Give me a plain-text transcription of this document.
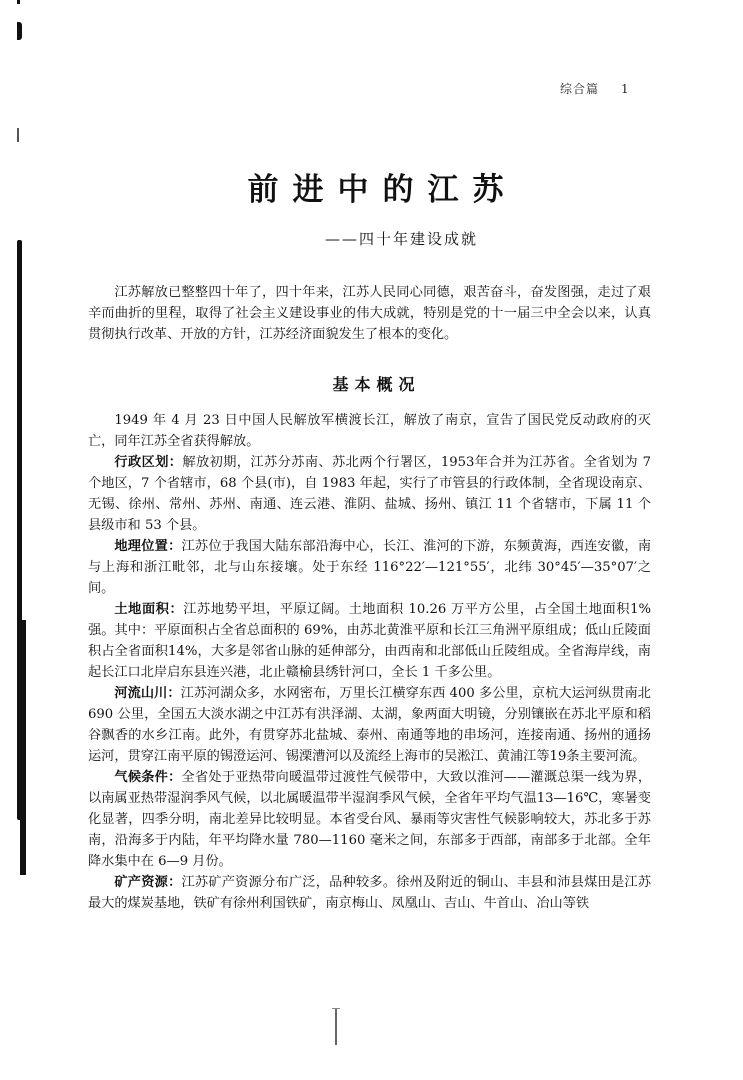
综合篇 1
前进中的江苏
——四十年建设成就

江苏解放已整整四十年了，四十年来，江苏人民同心同德，艰苦奋斗，奋发图强，走过了艰辛而曲折的里程，取得了社会主义建设事业的伟大成就，特别是党的十一届三中全会以来，认真贯彻执行改革、开放的方针，江苏经济面貌发生了根本的变化。

基本概况

1949 年 4 月 23 日中国人民解放军横渡长江，解放了南京，宣告了国民党反动政府的灭亡，同年江苏全省获得解放。

行政区划：解放初期，江苏分苏南、苏北两个行署区，1953年合并为江苏省。全省划为 7 个地区，7 个省辖市，68 个县(市)，自 1983 年起，实行了市管县的行政体制，全省现设南京、无锡、徐州、常州、苏州、南通、连云港、淮阴、盐城、扬州、镇江 11 个省辖市，下属 11 个县级市和 53 个县。

地理位置：江苏位于我国大陆东部沿海中心，长江、淮河的下游，东频黄海，西连安徽，南与上海和浙江毗邻，北与山东接壤。处于东经 116°22′—121°55′，北纬 30°45′—35°07′之间。

土地面积：江苏地势平坦，平原辽阔。土地面积 10.26 万平方公里，占全国土地面积1%强。其中：平原面积占全省总面积的 69%，由苏北黄淮平原和长江三角洲平原组成；低山丘陵面积占全省面积14%，大多是邻省山脉的延伸部分，由西南和北部低山丘陵组成。全省海岸线，南起长江口北岸启东县连兴港，北止赣榆县绣针河口，全长 1 千多公里。

河流山川：江苏河湖众多，水网密布，万里长江横穿东西 400 多公里，京杭大运河纵贯南北 690 公里，全国五大淡水湖之中江苏有洪泽湖、太湖，象两面大明镜，分别镶嵌在苏北平原和稻谷飘香的水乡江南。此外，有贯穿苏北盐城、泰州、南通等地的串场河，连接南通、扬州的通扬运河，贯穿江南平原的锡澄运河、锡溧漕河以及流经上海市的吴淞江、黄浦江等19条主要河流。

气候条件：全省处于亚热带向暖温带过渡性气候带中，大致以淮河——灌溉总渠一线为界，以南属亚热带湿润季风气候，以北属暖温带半湿润季风气候，全省年平均气温13—16℃，寒暑变化显著，四季分明，南北差异比较明显。本省受台风、暴雨等灾害性气候影响较大，苏北多于苏南，沿海多于内陆，年平均降水量 780—1160 毫米之间，东部多于西部，南部多于北部。全年降水集中在 6—9 月份。

矿产资源：江苏矿产资源分布广泛，品种较多。徐州及附近的铜山、丰县和沛县煤田是江苏最大的煤炭基地，铁矿有徐州利国铁矿，南京梅山、凤凰山、吉山、牛首山、冶山等铁
